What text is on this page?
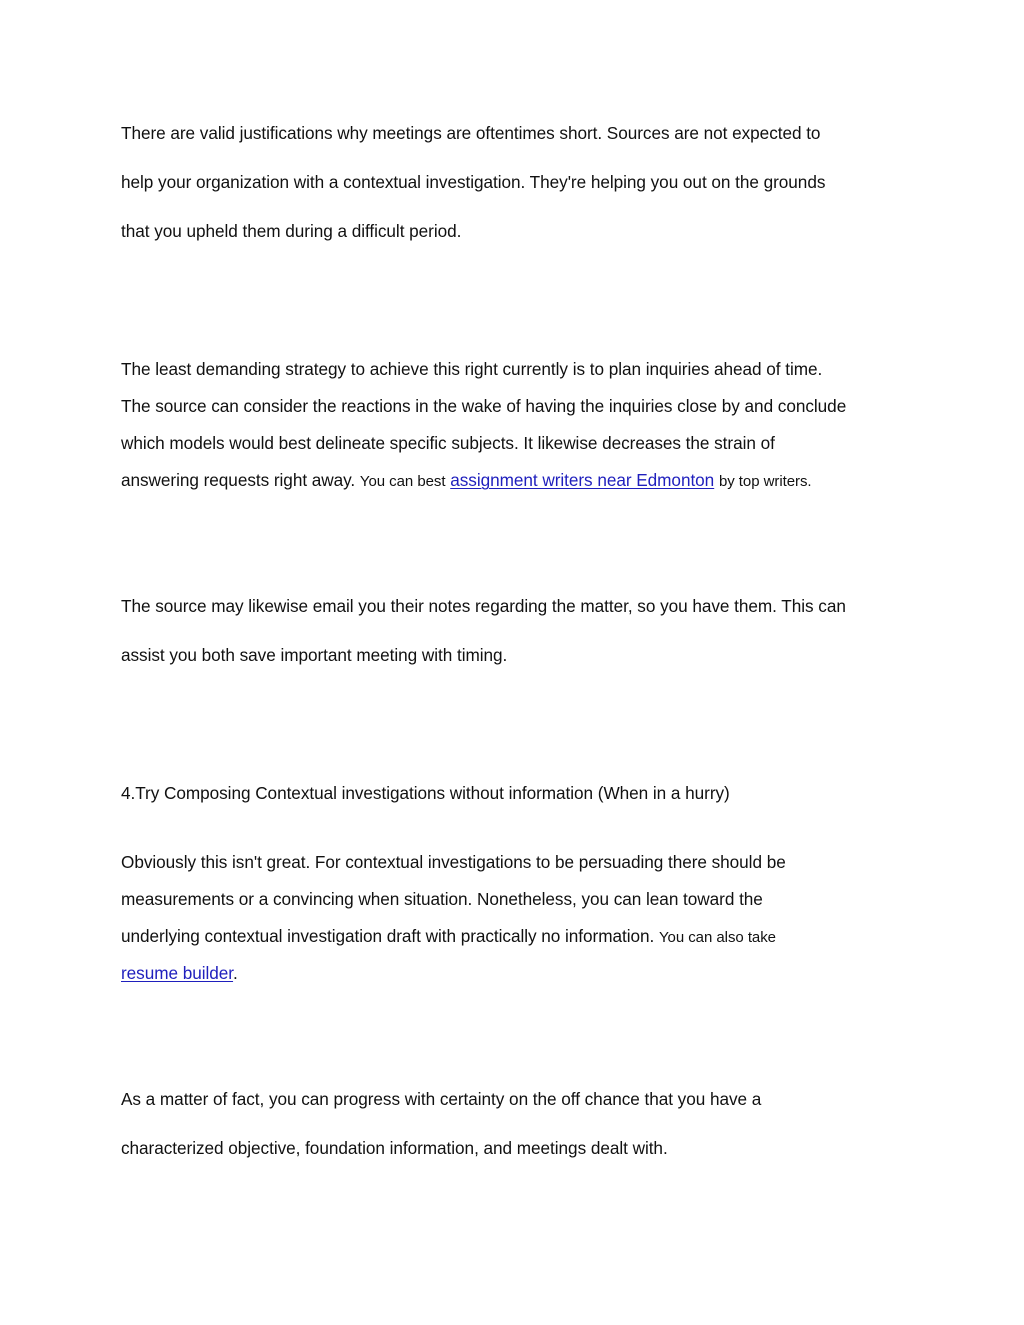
There are valid justifications why meetings are oftentimes short. Sources are not expected to

help your organization with a contextual investigation. They're helping you out on the grounds

that you upheld them during a difficult period.

The least demanding strategy to achieve this right currently is to plan inquiries ahead of time.

The source can consider the reactions in the wake of having the inquiries close by and conclude

which models would best delineate specific subjects. It likewise decreases the strain of

answering requests right away. You can best assignment writers near Edmonton by top writers.

The source may likewise email you their notes regarding the matter, so you have them. This can

assist you both save important meeting with timing.

4.Try Composing Contextual investigations without information (When in a hurry)

Obviously this isn't great. For contextual investigations to be persuading there should be

measurements or a convincing when situation. Nonetheless, you can lean toward the

underlying contextual investigation draft with practically no information. You can also take

resume builder.

As a matter of fact, you can progress with certainty on the off chance that you have a

characterized objective, foundation information, and meetings dealt with.
